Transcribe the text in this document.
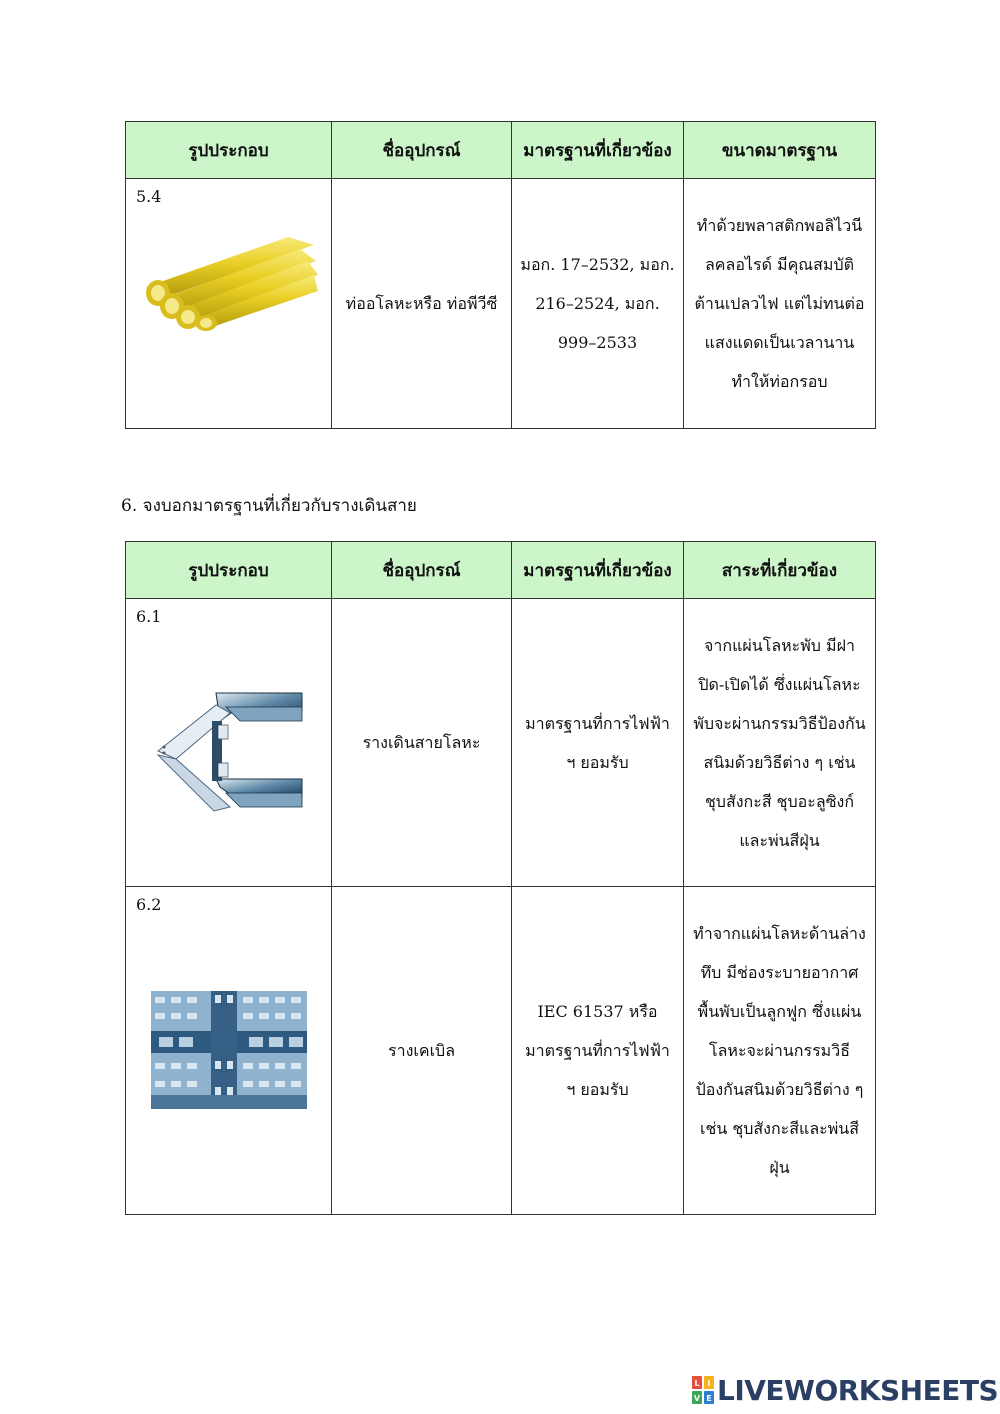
รูปประกอบ	ชื่ออุปกรณ์	มาตรฐานที่เกี่ยวข้อง	ขนาดมาตรฐาน

5.4	ท่ออโลหะหรือ ท่อพีวีซี	มอก. 17–2532, มอก. 216–2524, มอก. 999–2533	ทำด้วยพลาสติกพอลิไวนีลคลอไรด์ มีคุณสมบัติต้านเปลวไฟ แต่ไม่ทนต่อแสงแดดเป็นเวลานานทำให้ท่อกรอบ
6. จงบอกมาตรฐานที่เกี่ยวกับรางเดินสาย
รูปประกอบ	ชื่ออุปกรณ์	มาตรฐานที่เกี่ยวข้อง	สาระที่เกี่ยวข้อง

6.1	รางเดินสายโลหะ	มาตรฐานที่การไฟฟ้า ฯ ยอมรับ	จากแผ่นโลหะพับ มีฝาปิด-เปิดได้ ซึ่งแผ่นโลหะพับจะผ่านกรรมวิธีป้องกันสนิมด้วยวิธีต่าง ๆ เช่น ชุบสังกะสี ชุบอะลูซิงก์และพ่นสีฝุ่น

6.2	รางเคเบิล	IEC 61537 หรือ มาตรฐานที่การไฟฟ้า ฯ ยอมรับ	ทำจากแผ่นโลหะด้านล่างทึบ มีช่องระบายอากาศ พื้นพับเป็นลูกฟูก ซึ่งแผ่นโลหะจะผ่านกรรมวิธีป้องกันสนิมด้วยวิธีต่าง ๆ เช่น ชุบสังกะสีและพ่นสีฝุ่น
L I
V E LIVEWORKSHEETS
